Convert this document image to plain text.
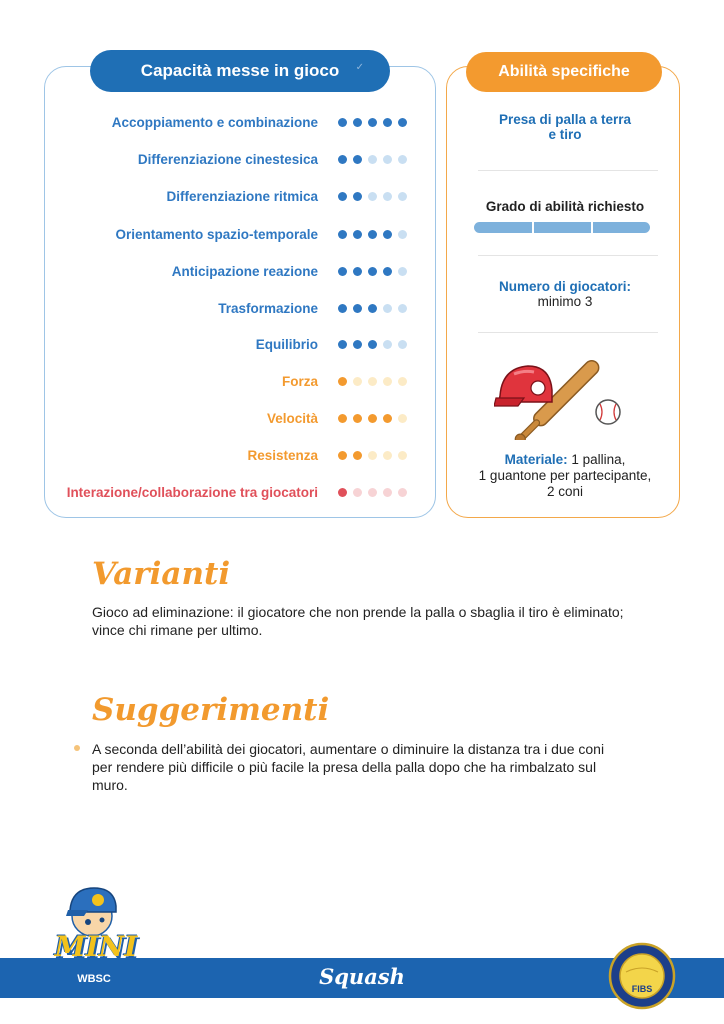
Capacità messe in gioco ✓
Accoppiamento e combinazione
Differenziazione cinestesica
Differenziazione ritmica
Orientamento spazio-temporale
Anticipazione reazione
Trasformazione
Equilibrio
Forza
Velocità
Resistenza
Interazione/collaborazione tra giocatori
Abilità specifiche
Presa di palla a terra
e tiro
Grado di abilità richiesto
Numero di giocatori:
minimo 3
Materiale: 1 pallina,
1 guantone per partecipante,
2 coni
Varianti
Gioco ad eliminazione: il giocatore che non prende la palla o sbaglia il tiro è eliminato;
vince chi rimane per ultimo.
Suggerimenti
A seconda dell’abilità dei giocatori, aumentare o diminuire la distanza tra i due coni
per rendere più difficile o più facile la presa della palla dopo che ha rimbalzato sul
muro.
Squash
MINI
WBSC
FIBS
